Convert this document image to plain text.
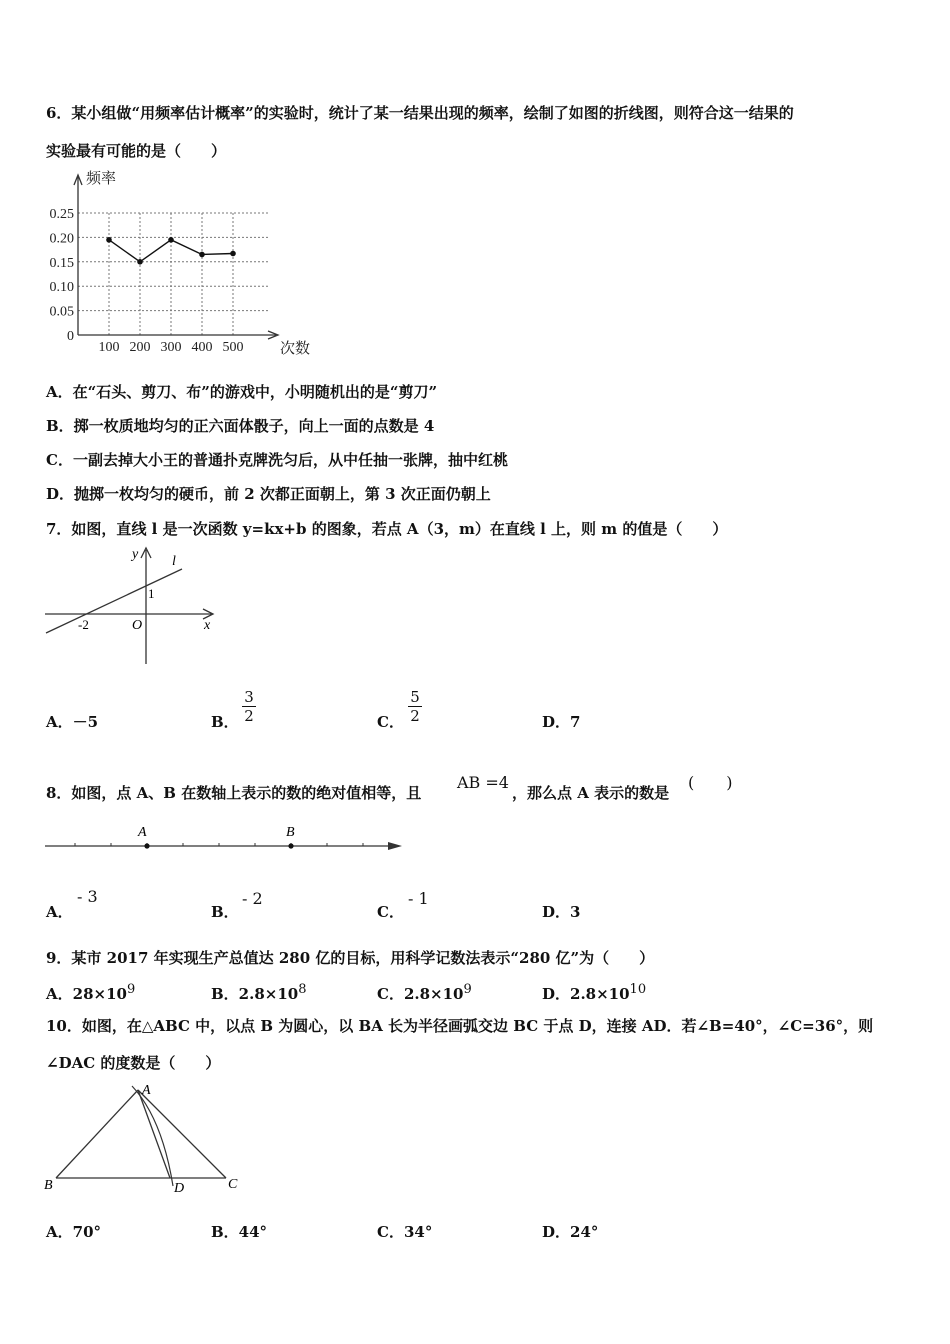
6．某小组做“用频率估计概率”的实验时，统计了某一结果出现的频率，绘制了如图的折线图，则符合这一结果的
实验最有可能的是（　　）
0
0.05
0.10
0.15
0.20
0.25
100 200 300 400 500
频率
次数
A．在“石头、剪刀、布”的游戏中，小明随机出的是“剪刀”
B．掷一枚质地均匀的正六面体骰子，向上一面的点数是 4
C．一副去掉大小王的普通扑克牌洗匀后，从中任抽一张牌，抽中红桃
D．抛掷一枚均匀的硬币，前 2 次都正面朝上，第 3 次正面仍朝上
7．如图，直线 l 是一次函数 y=kx+b 的图象，若点 A（3，m）在直线 l 上，则 m 的值是（　　）
y l
1
-2	O	x
A．－5	B． $\frac{3}{2}$	C． $\frac{5}{2}$	D．7
8．如图，点 A、B 在数轴上表示的数的绝对值相等，且
AB =4
，那么点 A 表示的数是
(　　)
A	B
A．
- 3
B．
- 2
C．
- 1
D．3
9．某市 2017 年实现生产总值达 280 亿的目标，用科学记数法表示“280 亿”为（　　）
A．$28\times 10^9$	B．$2.8\times 10^8$	C．$2.8\times 10^9$	D．$2.8\times 10^{10}$
10．如图，在△ABC 中，以点 B 为圆心，以 BA 长为半径画弧交边 BC 于点 D，连接 AD．若∠B=40°，∠C=36°，则
∠DAC 的度数是（　　）
A
B	C
D
A．70°	B．44°	C．34°	D．24°
